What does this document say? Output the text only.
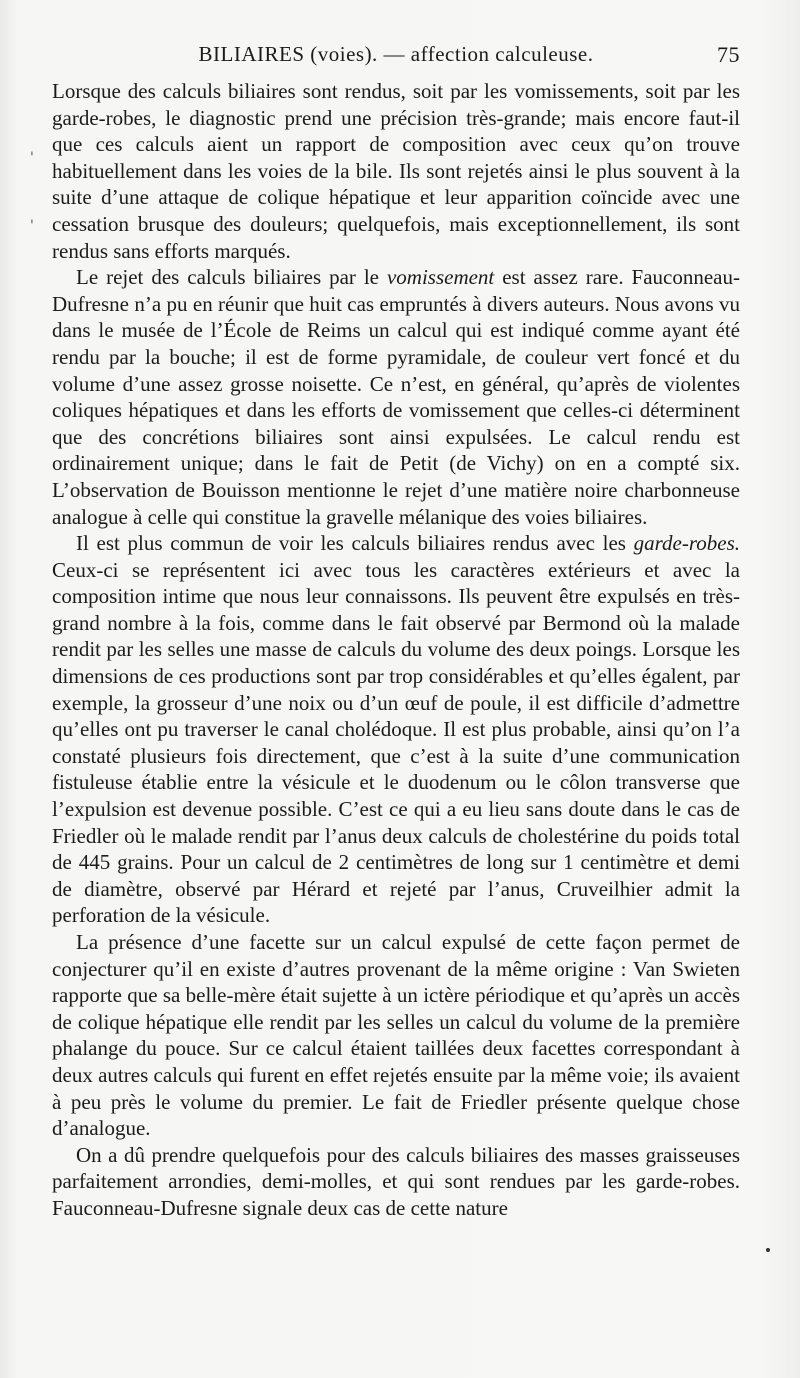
BILIAIRES (voies). — affection calculeuse.	75
'
'

Lorsque des calculs biliaires sont rendus, soit par les vomissements, soit par les garde-robes, le diagnostic prend une précision très-grande; mais encore faut-il que ces calculs aient un rapport de composition avec ceux qu’on trouve habituellement dans les voies de la bile. Ils sont rejetés ainsi le plus souvent à la suite d’une attaque de colique hépatique et leur apparition coïncide avec une cessation brusque des douleurs; quelquefois, mais exceptionnellement, ils sont rendus sans efforts marqués.

Le rejet des calculs biliaires par le vomissement est assez rare. Fauconneau-Dufresne n’a pu en réunir que huit cas empruntés à divers auteurs. Nous avons vu dans le musée de l’École de Reims un calcul qui est indiqué comme ayant été rendu par la bouche; il est de forme pyramidale, de couleur vert foncé et du volume d’une assez grosse noisette. Ce n’est, en général, qu’après de violentes coliques hépatiques et dans les efforts de vomissement que celles-ci déterminent que des concrétions biliaires sont ainsi expulsées. Le calcul rendu est ordinairement unique; dans le fait de Petit (de Vichy) on en a compté six. L’observation de Bouisson mentionne le rejet d’une matière noire charbonneuse analogue à celle qui constitue la gravelle mélanique des voies biliaires.

Il est plus commun de voir les calculs biliaires rendus avec les garde-robes. Ceux-ci se représentent ici avec tous les caractères extérieurs et avec la composition intime que nous leur connaissons. Ils peuvent être expulsés en très-grand nombre à la fois, comme dans le fait observé par Bermond où la malade rendit par les selles une masse de calculs du volume des deux poings. Lorsque les dimensions de ces productions sont par trop considérables et qu’elles égalent, par exemple, la grosseur d’une noix ou d’un œuf de poule, il est difficile d’admettre qu’elles ont pu traverser le canal cholédoque. Il est plus probable, ainsi qu’on l’a constaté plusieurs fois directement, que c’est à la suite d’une communication fistuleuse établie entre la vésicule et le duodenum ou le côlon transverse que l’expulsion est devenue possible. C’est ce qui a eu lieu sans doute dans le cas de Friedler où le malade rendit par l’anus deux calculs de cholestérine du poids total de 445 grains. Pour un calcul de 2 centimètres de long sur 1 centimètre et demi de diamètre, observé par Hérard et rejeté par l’anus, Cruveilhier admit la perforation de la vésicule.

La présence d’une facette sur un calcul expulsé de cette façon permet de conjecturer qu’il en existe d’autres provenant de la même origine : Van Swieten rapporte que sa belle-mère était sujette à un ictère périodique et qu’après un accès de colique hépatique elle rendit par les selles un calcul du volume de la première phalange du pouce. Sur ce calcul étaient taillées deux facettes correspondant à deux autres calculs qui furent en effet rejetés ensuite par la même voie; ils avaient à peu près le volume du premier. Le fait de Friedler présente quelque chose d’analogue.

On a dû prendre quelquefois pour des calculs biliaires des masses graisseuses parfaitement arrondies, demi-molles, et qui sont rendues par les garde-robes. Fauconneau-Dufresne signale deux cas de cette nature
